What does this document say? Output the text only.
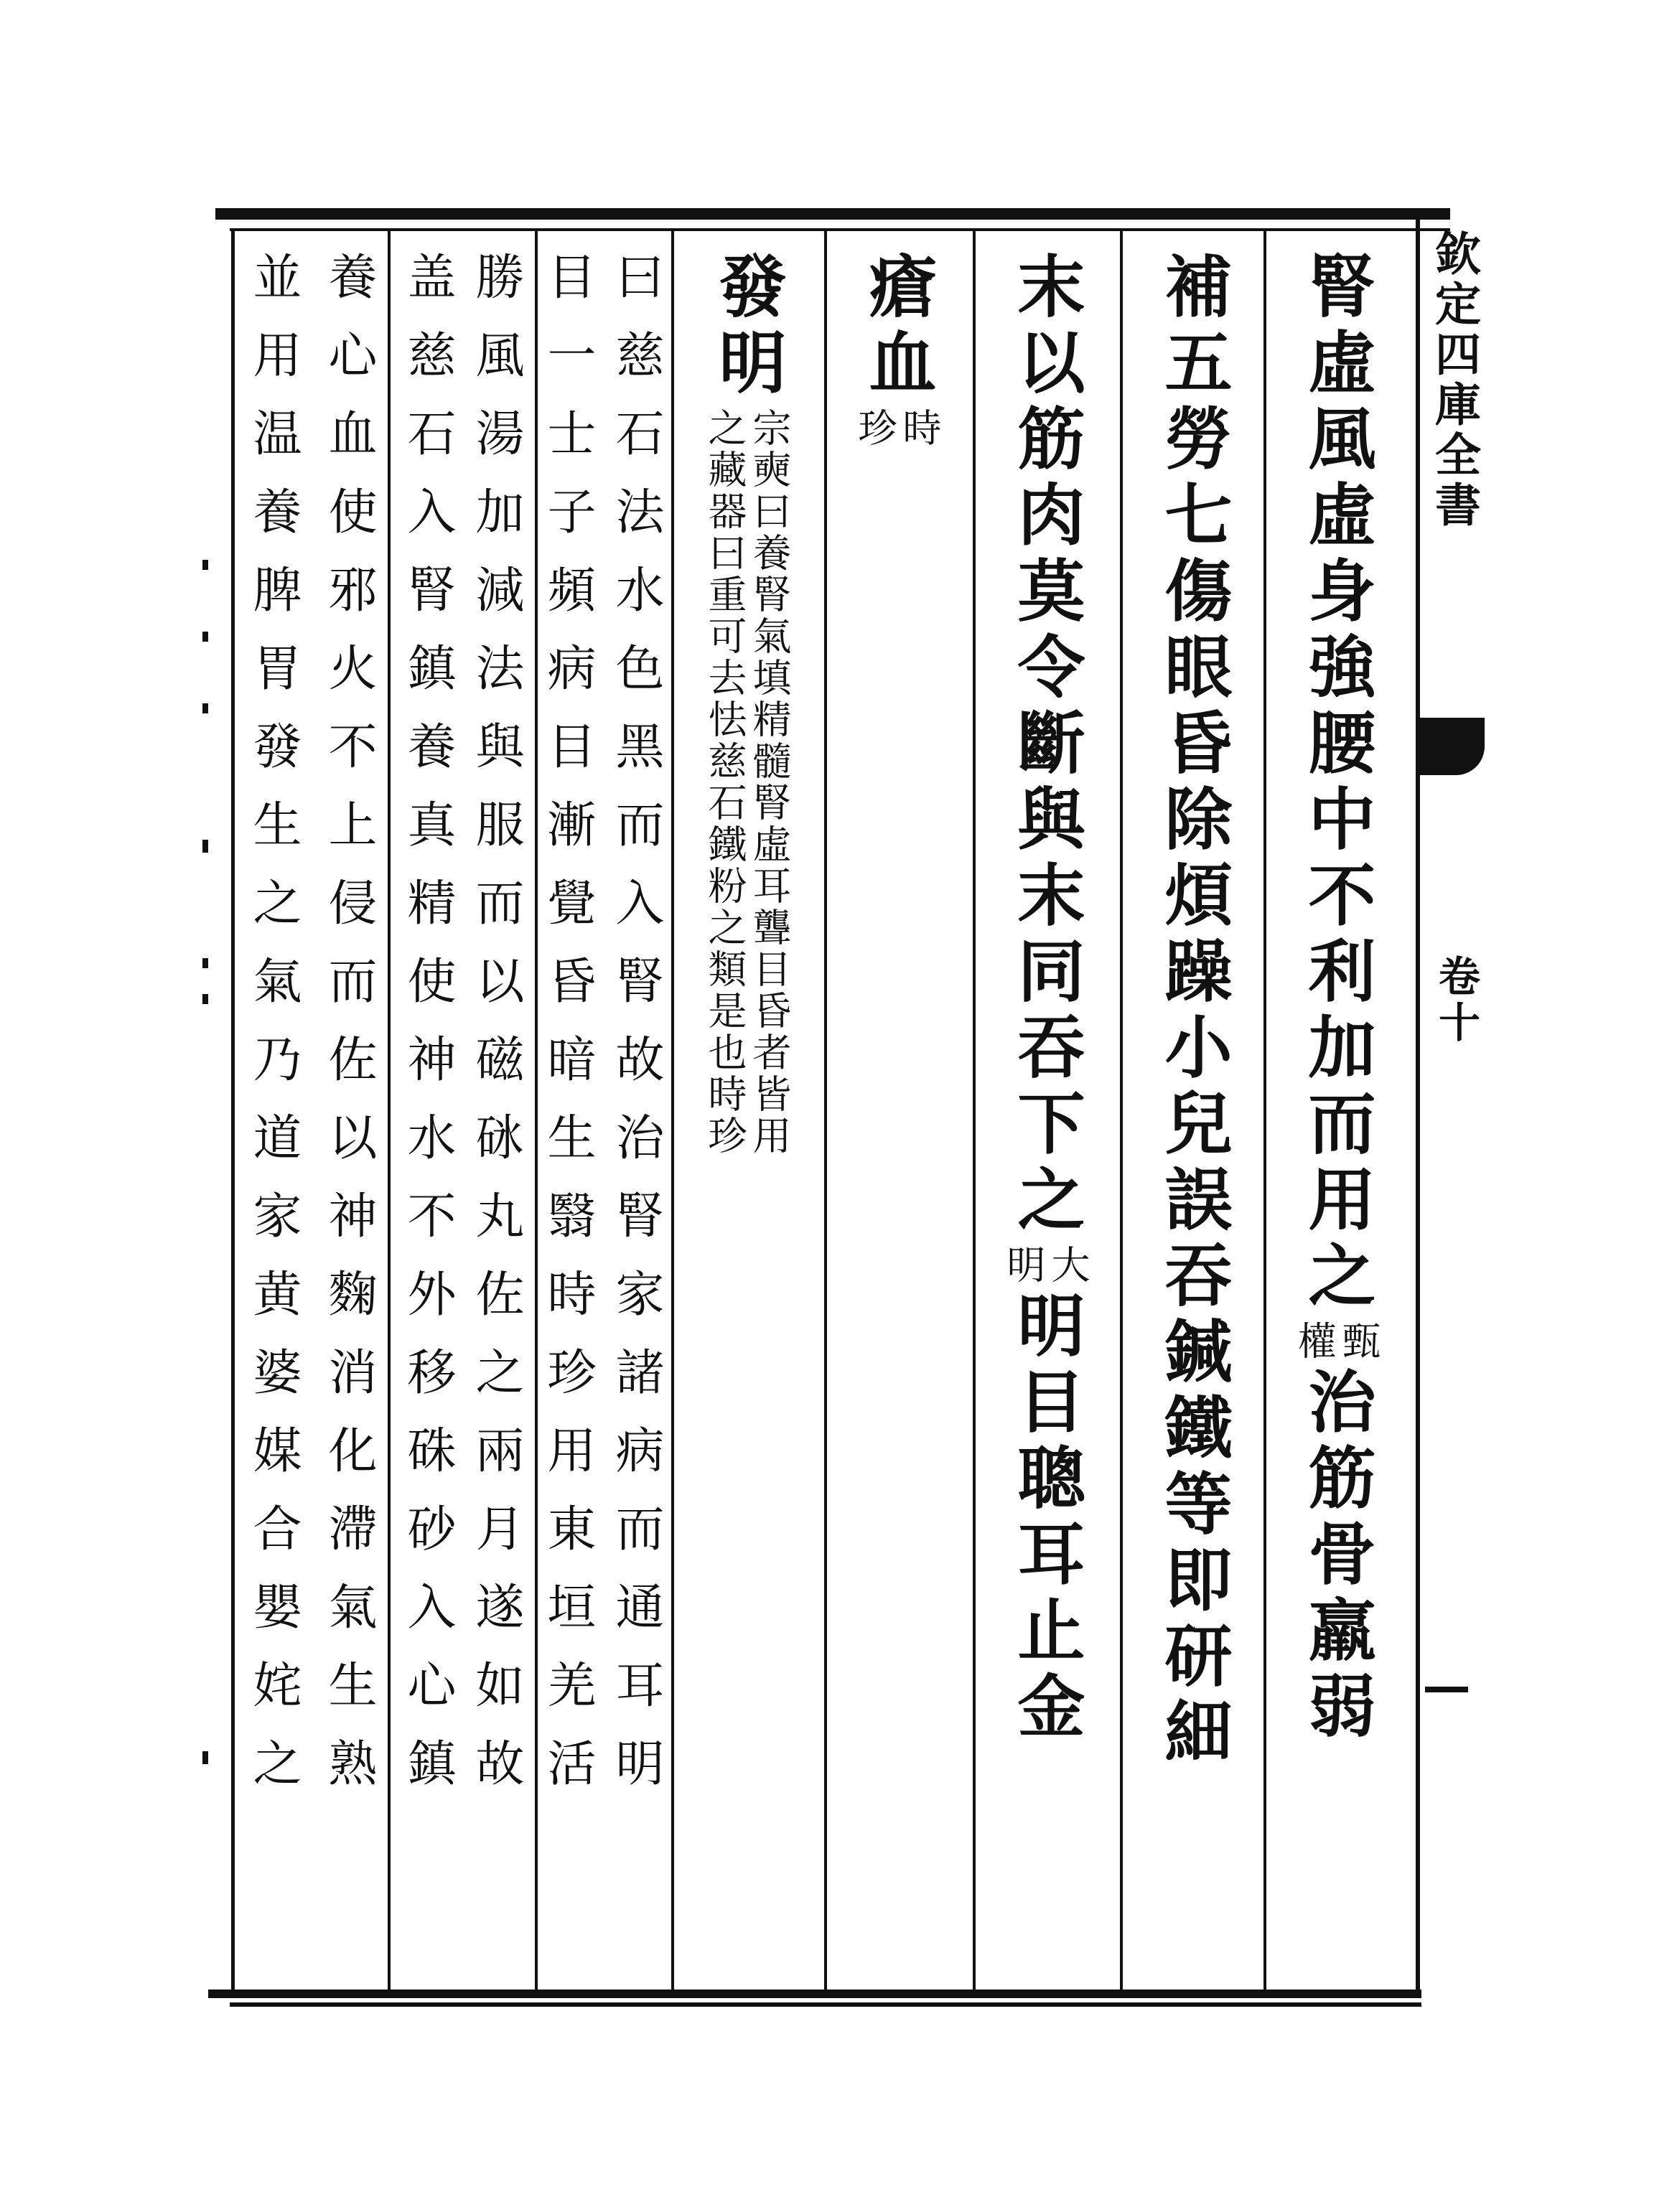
欽定四庫全書
卷十
腎虛風虛身強腰中不利加而用之
甄
權
治筋骨羸弱
補五勞七傷眼昏除煩躁小兒誤吞鍼鐵等即研細
末以筋肉莫令斷與末同吞下之
大
明
明目聰耳止金
瘡血
時
珍
發明
宗奭曰養腎氣填精髓腎虛耳聾目昏者皆用
之藏器曰重可去怯慈石鐵粉之類是也時珍
曰慈石法水色黑而入腎故治腎家諸病而通耳明
目一士子頻病目漸覺昏暗生翳時珍用東垣羌活
勝風湯加減法與服而以磁砯丸佐之兩月遂如故
盖慈石入腎鎮養真精使神水不外移硃砂入心鎮
養心血使邪火不上侵而佐以神麴消化滯氣生熟
並用温養脾胃發生之氣乃道家黄婆媒合嬰姹之
